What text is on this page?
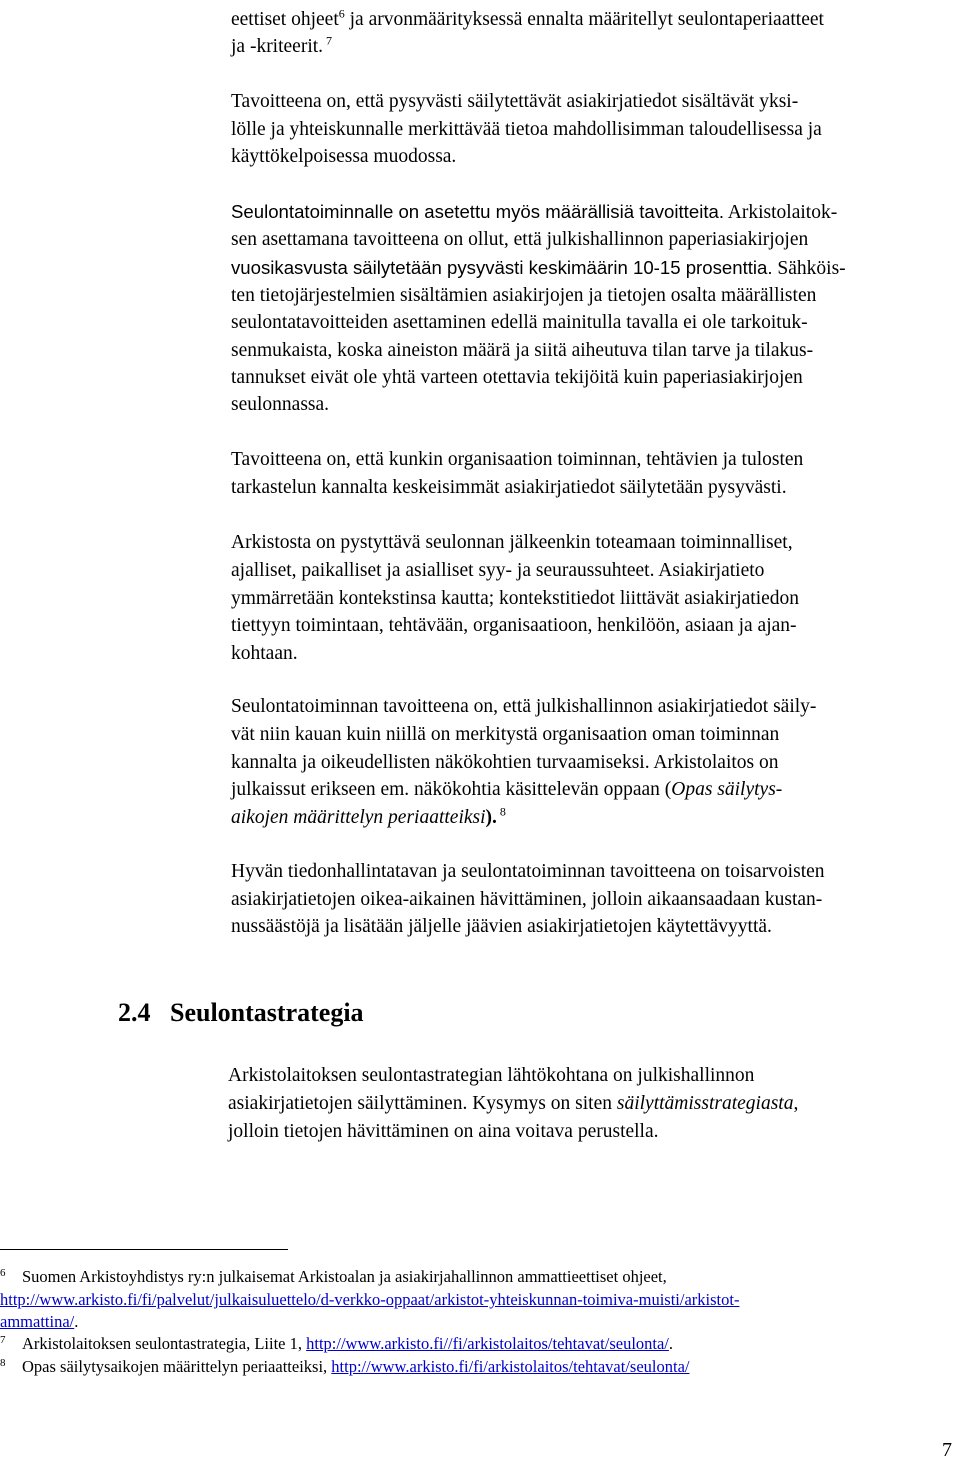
eettiset ohjeet$^6$ ja arvonmäärityksessä ennalta määritellyt seulontaperiaatteet
ja -kriteerit. $^7$
Tavoitteena on, että pysyvästi säilytettävät asiakirjatiedot sisältävät yksi-
lölle ja yhteiskunnalle merkittävää tietoa mahdollisimman taloudellisessa ja
käyttökelpoisessa muodossa.
Seulontatoiminnalle on asetettu myös määrällisiä tavoitteita. Arkistolaitok-
sen asettamana tavoitteena on ollut, että julkishallinnon paperiasiakirjojen
vuosikasvusta säilytetään pysyvästi keskimäärin 10-15 prosenttia. Sähköis-
ten tietojärjestelmien sisältämien asiakirjojen ja tietojen osalta määrällisten
seulontatavoitteiden asettaminen edellä mainitulla tavalla ei ole tarkoituk-
senmukaista, koska aineiston määrä ja siitä aiheutuva tilan tarve ja tilakus-
tannukset eivät ole yhtä varteen otettavia tekijöitä kuin paperiasiakirjojen
seulonnassa.
Tavoitteena on, että kunkin organisaation toiminnan, tehtävien ja tulosten
tarkastelun kannalta keskeisimmät asiakirjatiedot säilytetään pysyvästi.
Arkistosta on pystyttävä seulonnan jälkeenkin toteamaan toiminnalliset,
ajalliset, paikalliset ja asialliset syy- ja seuraussuhteet. Asiakirjatieto
ymmärretään kontekstinsa kautta; kontekstitiedot liittävät asiakirjatiedon
tiettyyn toimintaan, tehtävään, organisaatioon, henkilöön, asiaan ja ajan-
kohtaan.
Seulontatoiminnan tavoitteena on, että julkishallinnon asiakirjatiedot säily-
vät niin kauan kuin niillä on merkitystä organisaation oman toiminnan
kannalta ja oikeudellisten näkökohtien turvaamiseksi. Arkistolaitos on
julkaissut erikseen em. näkökohtia käsittelevän oppaan (Opas säilytys-
aikojen määrittelyn periaatteiksi). $^8$
Hyvän tiedonhallintatavan ja seulontatoiminnan tavoitteena on toisarvoisten
asiakirjatietojen oikea-aikainen hävittäminen, jolloin aikaansaadaan kustan-
nussäästöjä ja lisätään jäljelle jäävien asiakirjatietojen käytettävyyttä.
2.4 Seulontastrategia
Arkistolaitoksen seulontastrategian lähtökohtana on julkishallinnon
asiakirjatietojen säilyttäminen. Kysymys on siten säilyttämisstrategiasta,
jolloin tietojen hävittäminen on aina voitava perustella.
6 Suomen Arkistoyhdistys ry:n julkaisemat Arkistoalan ja asiakirjahallinnon ammattieettiset ohjeet,
http://www.arkisto.fi/fi/palvelut/julkaisuluettelo/d-verkko-oppaat/arkistot-yhteiskunnan-toimiva-muisti/arkistot-
ammattina/.
7 Arkistolaitoksen seulontastrategia, Liite 1, http://www.arkisto.fi//fi/arkistolaitos/tehtavat/seulonta/.
8 Opas säilytysaikojen määrittelyn periaatteiksi, http://www.arkisto.fi/fi/arkistolaitos/tehtavat/seulonta/
7
